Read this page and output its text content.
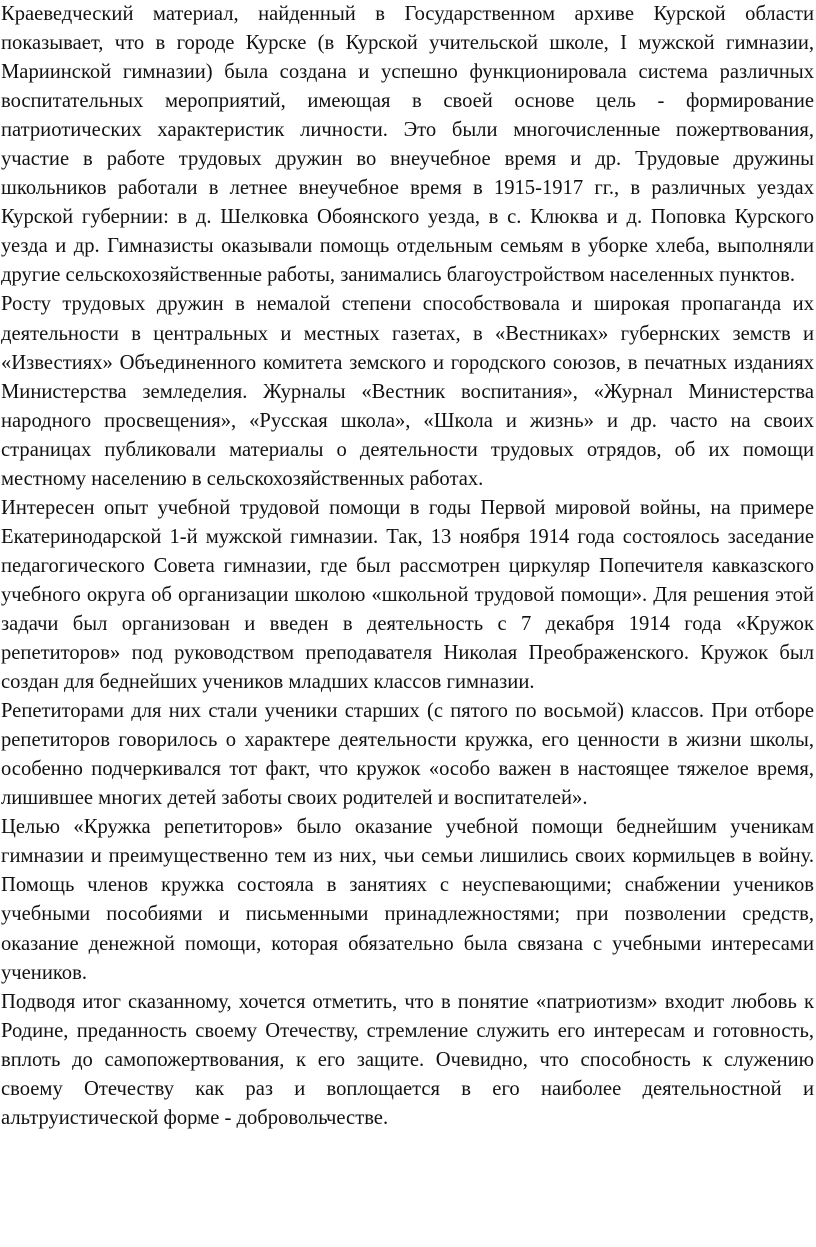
Краеведческий материал, найденный в Государственном архиве Курской области показывает, что в городе Курске (в Курской учительской школе, I мужской гимназии, Мариинской гимназии) была создана и успешно функционировала система различных воспитательных мероприятий, имеющая в своей основе цель - формирование патриотических характеристик личности. Это были многочисленные пожертвования, участие в работе трудовых дружин во внеучебное время и др. Трудовые дружины школьников работали в летнее внеучебное время в 1915-1917 гг., в различных уездах Курской губернии: в д. Шелковка Обоянского уезда, в с. Клюква и д. Поповка Курского уезда и др. Гимназисты оказывали помощь отдельным семьям в уборке хлеба, выполняли другие сельскохозяйственные работы, занимались благоустройством населенных пунктов.

Росту трудовых дружин в немалой степени способствовала и широкая пропаганда их деятельности в центральных и местных газетах, в «Вестниках» губернских земств и «Известиях» Объединенного комитета земского и городского союзов, в печатных изданиях Министерства земледелия. Журналы «Вестник воспитания», «Журнал Министерства народного просвещения», «Русская школа», «Школа и жизнь» и др. часто на своих страницах публиковали материалы о деятельности трудовых отрядов, об их помощи местному населению в сельскохозяйственных работах.

Интересен опыт учебной трудовой помощи в годы Первой мировой войны, на примере Екатеринодарской 1-й мужской гимназии. Так, 13 ноября 1914 года состоялось заседание педагогического Совета гимназии, где был рассмотрен циркуляр Попечителя кавказского учебного округа об организации школою «школьной трудовой помощи». Для решения этой задачи был организован и введен в деятельность с 7 декабря 1914 года «Кружок репетиторов» под руководством преподавателя Николая Преображенского. Кружок был создан для беднейших учеников младших классов гимназии.

Репетиторами для них стали ученики старших (с пятого по восьмой) классов. При отборе репетиторов говорилось о характере деятельности кружка, его ценности в жизни школы, особенно подчеркивался тот факт, что кружок «особо важен в настоящее тяжелое время, лишившее многих детей заботы своих родителей и воспитателей».

Целью «Кружка репетиторов» было оказание учебной помощи беднейшим ученикам гимназии и преимущественно тем из них, чьи семьи лишились своих кормильцев в войну. Помощь членов кружка состояла в занятиях с неуспевающими; снабжении учеников учебными пособиями и письменными принадлежностями; при позволении средств, оказание денежной помощи, которая обязательно была связана с учебными интересами учеников.

Подводя итог сказанному, хочется отметить, что в понятие «патриотизм» входит любовь к Родине, преданность своему Отечеству, стремление служить его интересам и готовность, вплоть до самопожертвования, к его защите. Очевидно, что способность к служению своему Отечеству как раз и воплощается в его наиболее деятельностной и альтруистической форме - добровольчестве.
